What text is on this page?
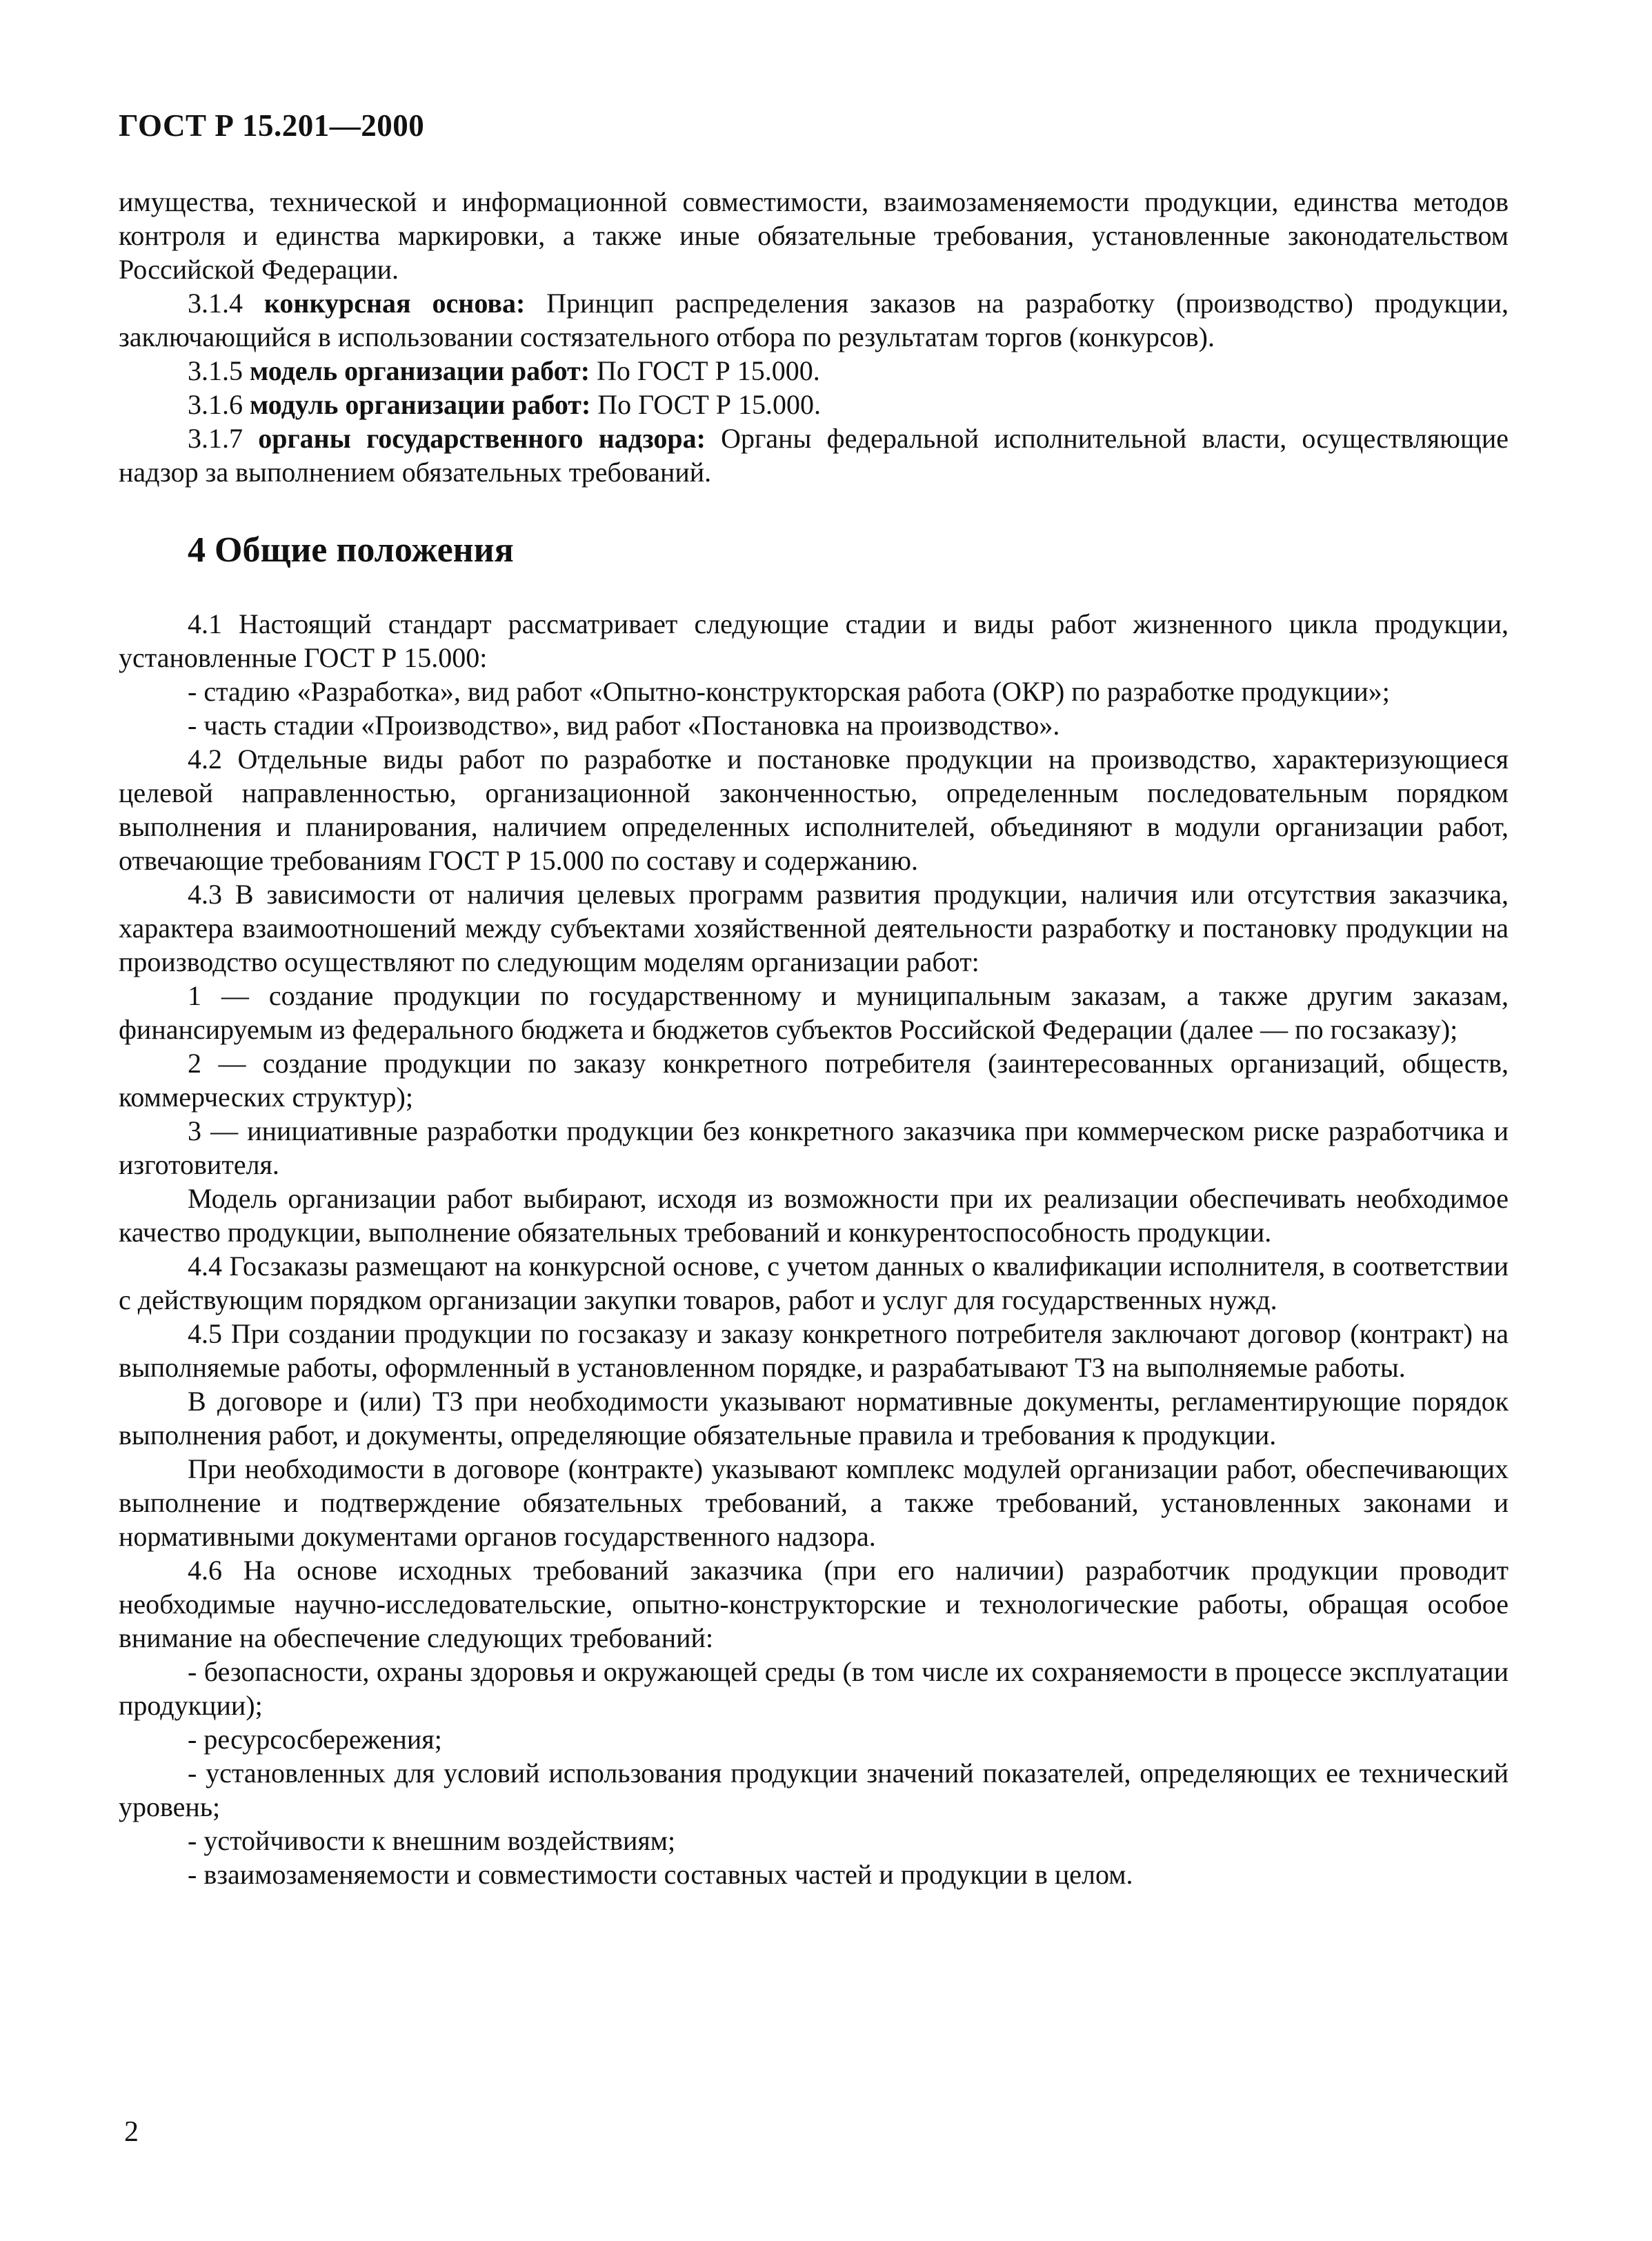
ГОСТ Р 15.201—2000

имущества, технической и информационной совместимости, взаимозаменяемости продукции, единства методов контроля и единства маркировки, а также иные обязательные требования, установленные законодательством Российской Федерации.

3.1.4 конкурсная основа: Принцип распределения заказов на разработку (производство) продукции, заключающийся в использовании состязательного отбора по результатам торгов (конкурсов).

3.1.5 модель организации работ: По ГОСТ Р 15.000.

3.1.6 модуль организации работ: По ГОСТ Р 15.000.

3.1.7 органы государственного надзора: Органы федеральной исполнительной власти, осуществляющие надзор за выполнением обязательных требований.

4 Общие положения

4.1 Настоящий стандарт рассматривает следующие стадии и виды работ жизненного цикла продукции, установленные ГОСТ Р 15.000:

- стадию «Разработка», вид работ «Опытно-конструкторская работа (ОКР) по разработке продукции»;

- часть стадии «Производство», вид работ «Постановка на производство».

4.2 Отдельные виды работ по разработке и постановке продукции на производство, характеризующиеся целевой направленностью, организационной законченностью, определенным последовательным порядком выполнения и планирования, наличием определенных исполнителей, объединяют в модули организации работ, отвечающие требованиям ГОСТ Р 15.000 по составу и содержанию.

4.3 В зависимости от наличия целевых программ развития продукции, наличия или отсутствия заказчика, характера взаимоотношений между субъектами хозяйственной деятельности разработку и постановку продукции на производство осуществляют по следующим моделям организации работ:

1 — создание продукции по государственному и муниципальным заказам, а также другим заказам, финансируемым из федерального бюджета и бюджетов субъектов Российской Федерации (далее — по госзаказу);

2 — создание продукции по заказу конкретного потребителя (заинтересованных организаций, обществ, коммерческих структур);

3 — инициативные разработки продукции без конкретного заказчика при коммерческом риске разработчика и изготовителя.

Модель организации работ выбирают, исходя из возможности при их реализации обеспечивать необходимое качество продукции, выполнение обязательных требований и конкурентоспособность продукции.

4.4 Госзаказы размещают на конкурсной основе, с учетом данных о квалификации исполнителя, в соответствии с действующим порядком организации закупки товаров, работ и услуг для государственных нужд.

4.5 При создании продукции по госзаказу и заказу конкретного потребителя заключают договор (контракт) на выполняемые работы, оформленный в установленном порядке, и разрабатывают ТЗ на выполняемые работы.

В договоре и (или) ТЗ при необходимости указывают нормативные документы, регламентирующие порядок выполнения работ, и документы, определяющие обязательные правила и требования к продукции.

При необходимости в договоре (контракте) указывают комплекс модулей организации работ, обеспечивающих выполнение и подтверждение обязательных требований, а также требований, установленных законами и нормативными документами органов государственного надзора.

4.6 На основе исходных требований заказчика (при его наличии) разработчик продукции проводит необходимые научно-исследовательские, опытно-конструкторские и технологические работы, обращая особое внимание на обеспечение следующих требований:

- безопасности, охраны здоровья и окружающей среды (в том числе их сохраняемости в процессе эксплуатации продукции);

- ресурсосбережения;

- установленных для условий использования продукции значений показателей, определяющих ее технический уровень;

- устойчивости к внешним воздействиям;

- взаимозаменяемости и совместимости составных частей и продукции в целом.

2
